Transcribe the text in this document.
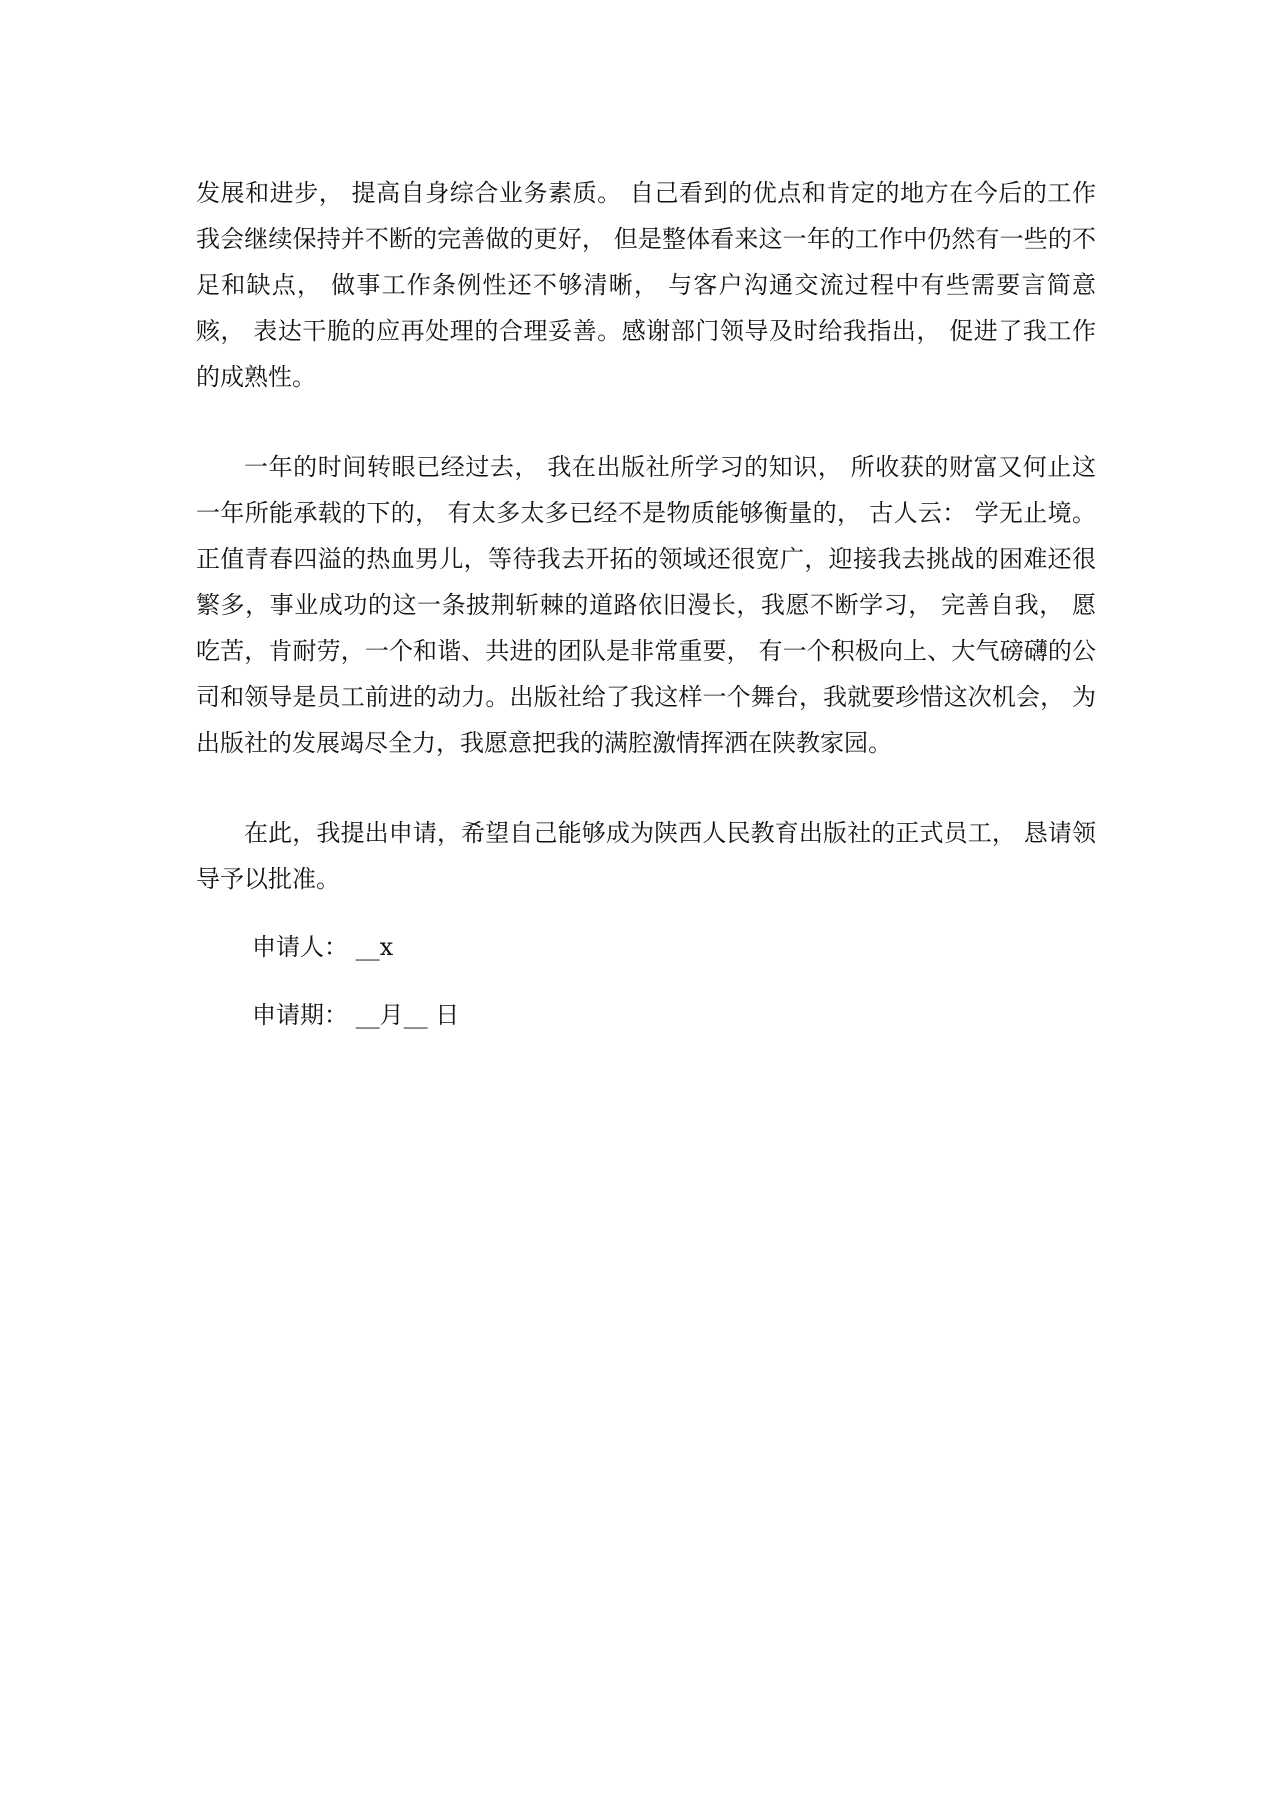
发展和进步， 提高自身综合业务素质。 自己看到的优点和肯定的地方在今后的工作我会继续保持并不断的完善做的更好， 但是整体看来这一年的工作中仍然有一些的不足和缺点， 做事工作条例性还不够清晰， 与客户沟通交流过程中有些需要言简意赅， 表达干脆的应再处理的合理妥善。感谢部门领导及时给我指出， 促进了我工作的成熟性。

一年的时间转眼已经过去， 我在出版社所学习的知识， 所收获的财富又何止这一年所能承载的下的， 有太多太多已经不是物质能够衡量的， 古人云： 学无止境。正值青春四溢的热血男儿，等待我去开拓的领域还很宽广，迎接我去挑战的困难还很繁多，事业成功的这一条披荆斩棘的道路依旧漫长，我愿不断学习， 完善自我， 愿吃苦，肯耐劳，一个和谐、共进的团队是非常重要， 有一个积极向上、大气磅礴的公司和领导是员工前进的动力。出版社给了我这样一个舞台，我就要珍惜这次机会， 为出版社的发展竭尽全力，我愿意把我的满腔激情挥洒在陕教家园。

在此，我提出申请，希望自己能够成为陕西人民教育出版社的正式员工， 恳请领导予以批准。

申请人： __x

申请期： __月__ 日
